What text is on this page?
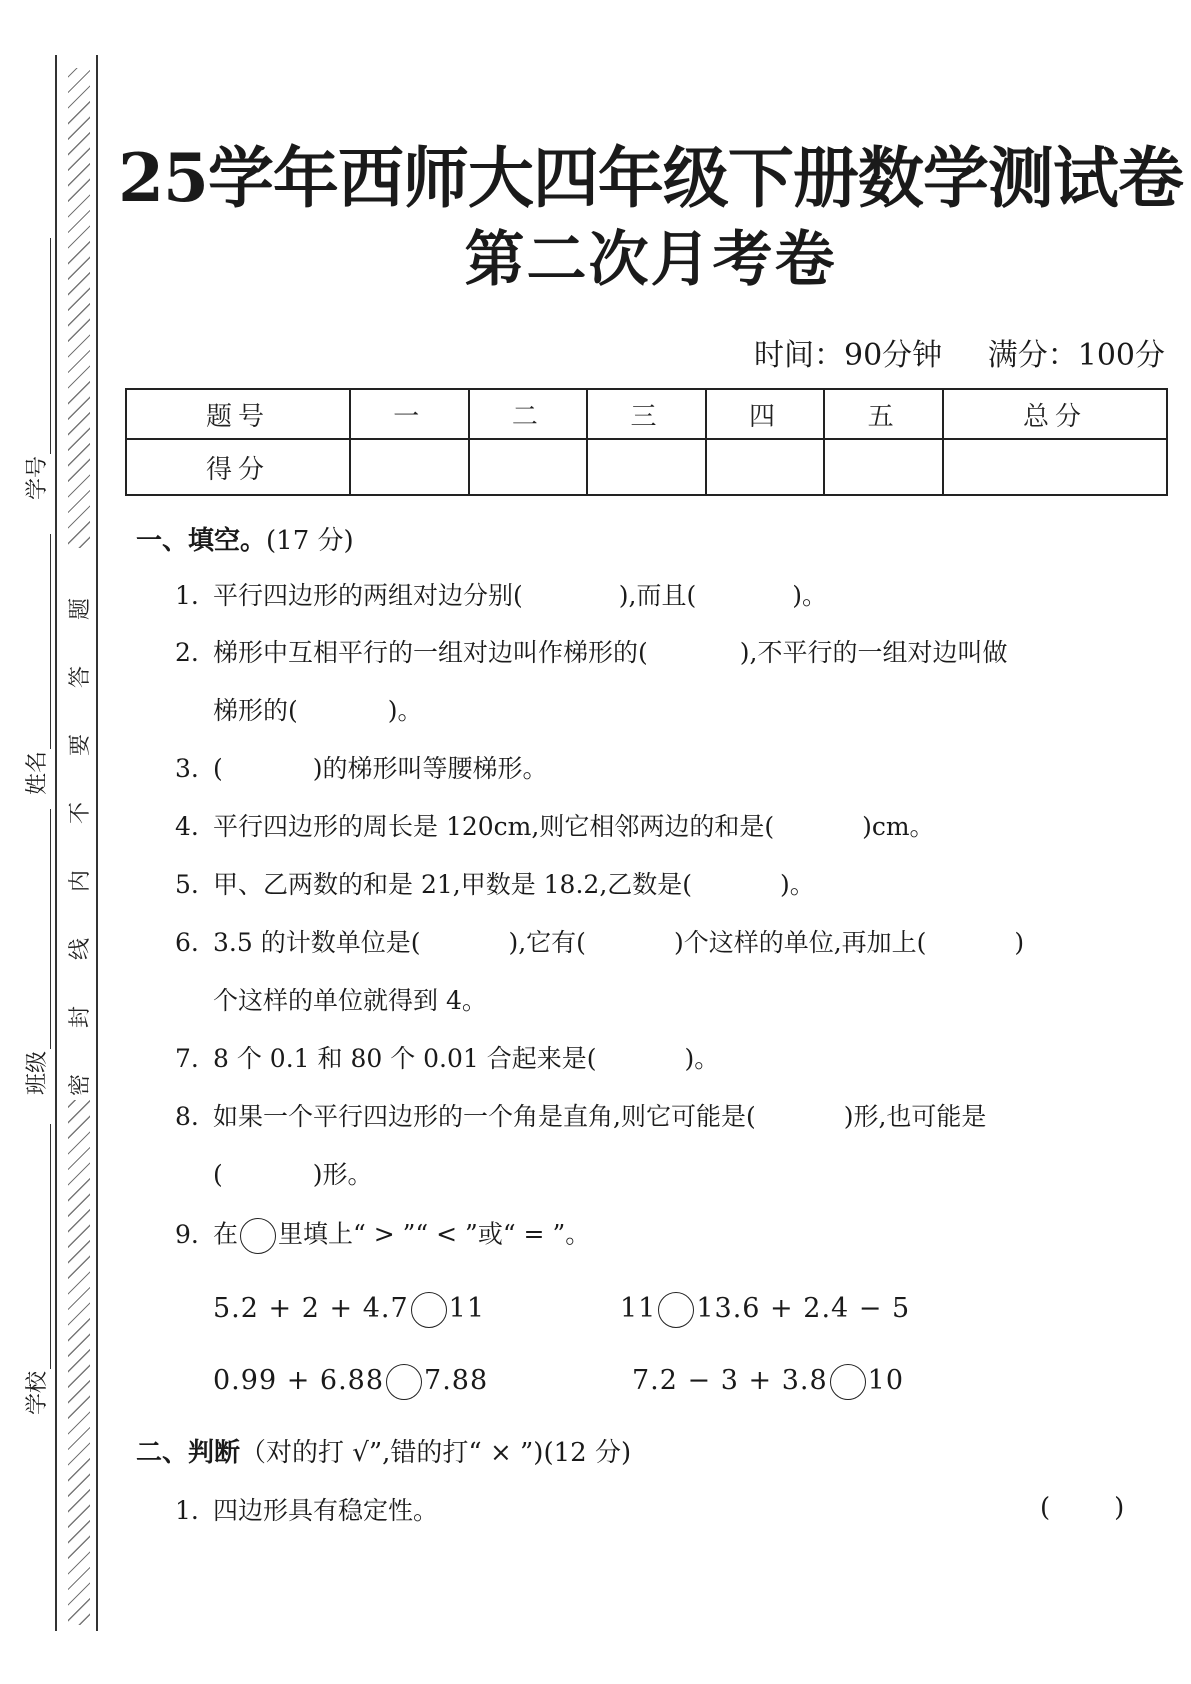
题
答
要
不
内
线
封
密
学号
姓名
班级
学校
25学年西师大四年级下册数学测试卷
第二次月考卷
时间：90分钟 满分：100分
题号	一	二	三	四	五	总分
得分						
一、填空。(17 分)
1. 平行四边形的两组对边分别(	),而且(	)。
2. 梯形中互相平行的一组对边叫作梯形的(	),不平行的一组对边叫做
梯形的(	)。
3. (	)的梯形叫等腰梯形。
4. 平行四边形的周长是 120cm,则它相邻两边的和是(	)cm。
5. 甲、乙两数的和是 21,甲数是 18.2,乙数是(	)。
6. 3.5 的计数单位是(	),它有(	)个这样的单位,再加上(	)
个这样的单位就得到 4。
7. 8 个 0.1 和 80 个 0.01 合起来是(	)。
8. 如果一个平行四边形的一个角是直角,则它可能是(	)形,也可能是
(	)形。
9. 在 里填上“ > ”“ < ”或“ = ”。
5.2 + 2 + 4.7 11	11 13.6 + 2.4 − 5
0.99 + 6.88 7.88	7.2 − 3 + 3.8 10
二、判断（对的打 √”,错的打“ × ”)(12 分)
1. 四边形具有稳定性。	( )
